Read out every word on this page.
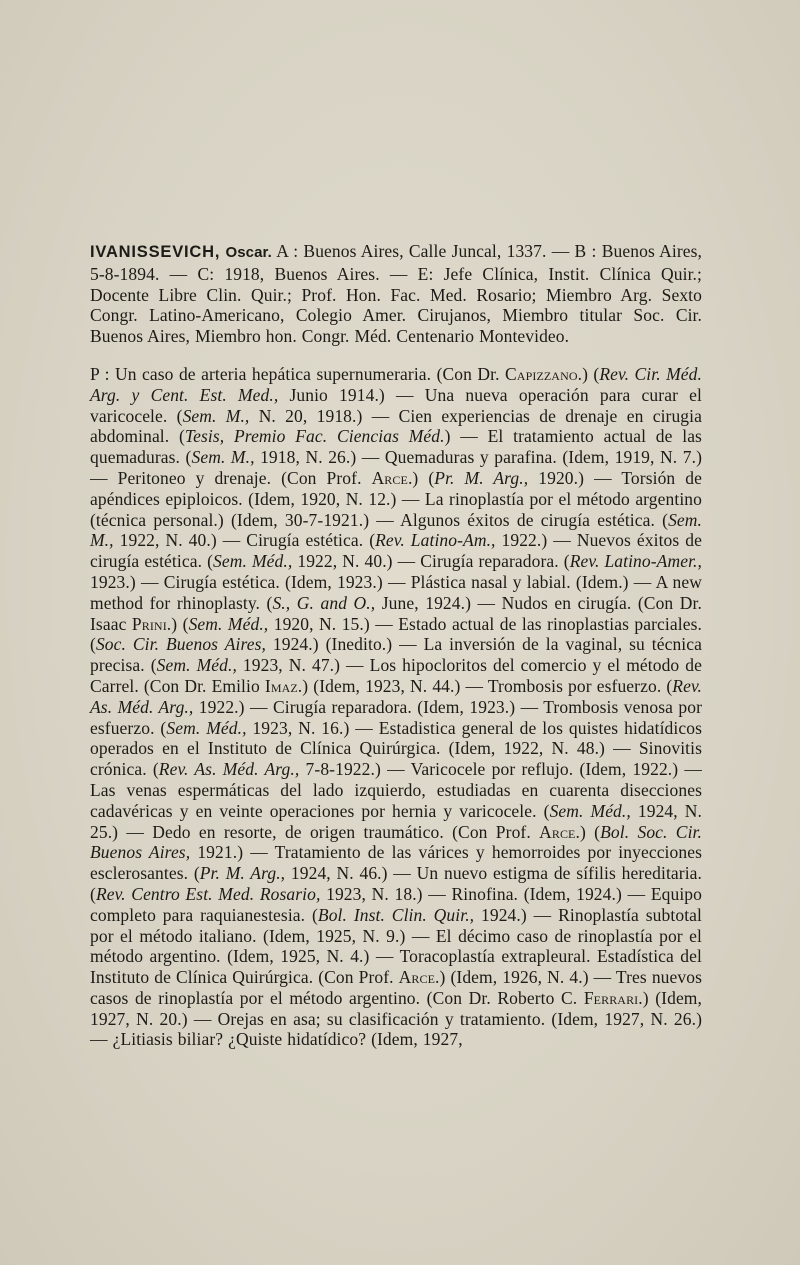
IVANISSEVICH, Oscar. A : Buenos Aires, Calle Juncal, 1337. — B : Buenos Aires, 5-8-1894. — C: 1918, Buenos Aires. — E: Jefe Clínica, Instit. Clínica Quir.; Docente Libre Clin. Quir.; Prof. Hon. Fac. Med. Rosario; Miembro Arg. Sexto Congr. Latino-Americano, Colegio Amer. Cirujanos, Miembro titular Soc. Cir. Buenos Aires, Miembro hon. Congr. Méd. Centenario Montevideo.

P : Un caso de arteria hepática supernumeraria. (Con Dr. Capizzano.) (Rev. Cir. Méd. Arg. y Cent. Est. Med., Junio 1914.) — Una nueva operación para curar el varicocele. (Sem. M., N. 20, 1918.) — Cien experiencias de drenaje en cirugia abdominal. (Tesis, Premio Fac. Ciencias Méd.) — El tratamiento actual de las quemaduras. (Sem. M., 1918, N. 26.) — Quemaduras y parafina. (Idem, 1919, N. 7.) — Peritoneo y drenaje. (Con Prof. Arce.) (Pr. M. Arg., 1920.) — Torsión de apéndices epiploicos. (Idem, 1920, N. 12.) — La rinoplastía por el método argentino (técnica personal.) (Idem, 30-7-1921.) — Algunos éxitos de cirugía estética. (Sem. M., 1922, N. 40.) — Cirugía estética. (Rev. Latino-Am., 1922.) — Nuevos éxitos de cirugía estética. (Sem. Méd., 1922, N. 40.) — Cirugía reparadora. (Rev. Latino-Amer., 1923.) — Cirugía estética. (Idem, 1923.) — Plástica nasal y labial. (Idem.) — A new method for rhinoplasty. (S., G. and O., June, 1924.) — Nudos en cirugía. (Con Dr. Isaac Prini.) (Sem. Méd., 1920, N. 15.) — Estado actual de las rinoplastias parciales. (Soc. Cir. Buenos Aires, 1924.) (Inedito.) — La inversión de la vaginal, su técnica precisa. (Sem. Méd., 1923, N. 47.) — Los hipocloritos del comercio y el método de Carrel. (Con Dr. Emilio Imaz.) (Idem, 1923, N. 44.) — Trombosis por esfuerzo. (Rev. As. Méd. Arg., 1922.) — Cirugía reparadora. (Idem, 1923.) — Trombosis venosa por esfuerzo. (Sem. Méd., 1923, N. 16.) — Estadistica general de los quistes hidatídicos operados en el Instituto de Clínica Quirúrgica. (Idem, 1922, N. 48.) — Sinovitis crónica. (Rev. As. Méd. Arg., 7-8-1922.) — Varicocele por reflujo. (Idem, 1922.) — Las venas espermáticas del lado izquierdo, estudiadas en cuarenta disecciones cadavéricas y en veinte operaciones por hernia y varicocele. (Sem. Méd., 1924, N. 25.) — Dedo en resorte, de origen traumático. (Con Prof. Arce.) (Bol. Soc. Cir. Buenos Aires, 1921.) — Tratamiento de las várices y hemorroides por inyecciones esclerosantes. (Pr. M. Arg., 1924, N. 46.) — Un nuevo estigma de sífilis hereditaria. (Rev. Centro Est. Med. Rosario, 1923, N. 18.) — Rinofina. (Idem, 1924.) — Equipo completo para raquianestesia. (Bol. Inst. Clin. Quir., 1924.) — Rinoplastía subtotal por el método italiano. (Idem, 1925, N. 9.) — El décimo caso de rinoplastía por el método argentino. (Idem, 1925, N. 4.) — Toracoplastía extrapleural. Estadística del Instituto de Clínica Quirúrgica. (Con Prof. Arce.) (Idem, 1926, N. 4.) — Tres nuevos casos de rinoplastía por el método argentino. (Con Dr. Roberto C. Ferrari.) (Idem, 1927, N. 20.) — Orejas en asa; su clasificación y tratamiento. (Idem, 1927, N. 26.) — ¿Litiasis biliar? ¿Quiste hidatídico? (Idem, 1927,
